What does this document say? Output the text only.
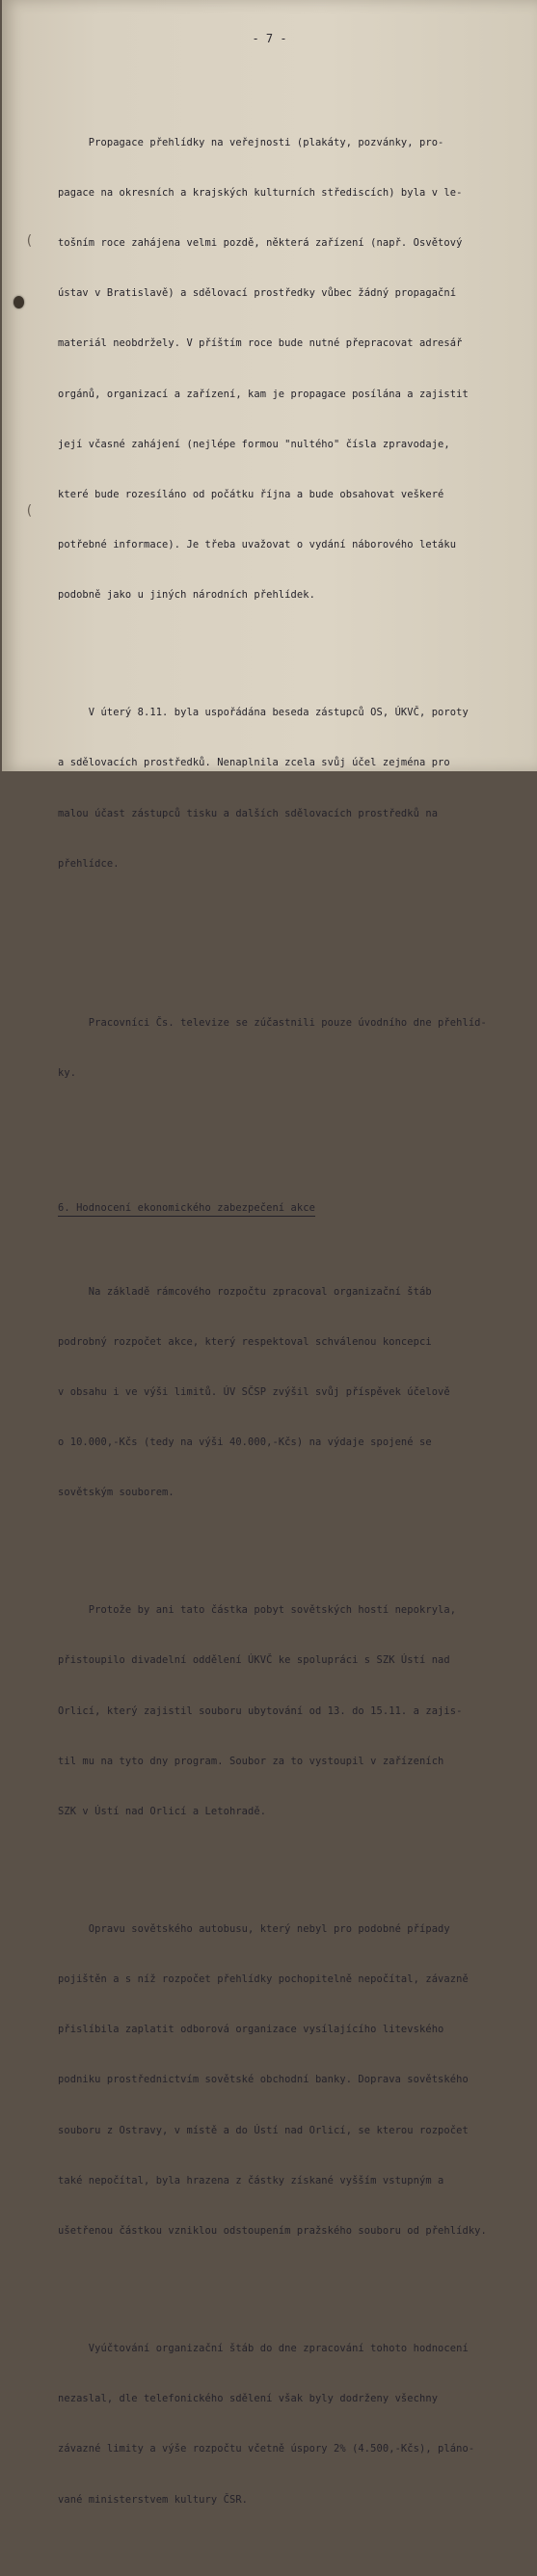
(
(
- 7 -

Propagace přehlídky na veřejnosti (plakáty, pozvánky, pro-

pagace na okresních a krajských kulturních střediscích) byla v le-

tošním roce zahájena velmi pozdě, některá zařízení (např. Osvětový

ústav v Bratislavě) a sdělovací prostředky vůbec žádný propagační

materiál neobdržely. V příštím roce bude nutné přepracovat adresář

orgánů, organizací a zařízení, kam je propagace posílána a zajistit

její včasné zahájení (nejlépe formou "nultého" čísla zpravodaje,

které bude rozesíláno od počátku října a bude obsahovat veškeré

potřebné informace). Je třeba uvažovat o vydání náborového letáku

podobně jako u jiných národních přehlídek.

V úterý 8.11. byla uspořádána beseda zástupců OS, ÚKVČ, poroty

a sdělovacích prostředků. Nenaplnila zcela svůj účel zejména pro

malou účast zástupců tisku a dalších sdělovacích prostředků na

přehlídce.

Pracovníci Čs. televize se zúčastnili pouze úvodního dne přehlíd-

ky.

6. Hodnocení ekonomického zabezpečení akce

Na základě rámcového rozpočtu zpracoval organizační štáb

podrobný rozpočet akce, který respektoval schválenou koncepci

v obsahu i ve výši limitů. ÚV SČSP zvýšil svůj příspěvek účelově

o 10.000,-Kčs (tedy na výši 40.000,-Kčs) na výdaje spojené se

sovětským souborem.

Protože by ani tato částka pobyt sovětských hostí nepokryla,

přistoupilo divadelní oddělení ÚKVČ ke spolupráci s SZK Ústí nad

Orlicí, který zajistil souboru ubytování od 13. do 15.11. a zajis-

til mu na tyto dny program. Soubor za to vystoupil v zařízeních

SZK v Ústí nad Orlicí a Letohradě.

Opravu sovětského autobusu, který nebyl pro podobné případy

pojištěn a s níž rozpočet přehlídky pochopitelně nepočítal, závazně

přislíbila zaplatit odborová organizace vysílajícího litevského

podniku prostřednictvím sovětské obchodní banky. Doprava sovětského

souboru z Ostravy, v místě a do Ústí nad Orlicí, se kterou rozpočet

také nepočítal, byla hrazena z částky získané vyšším vstupným a

ušetřenou částkou vzniklou odstoupením pražského souboru od přehlídky.

Vyúčtování organizační štáb do dne zpracování tohoto hodnocení

nezaslal, dle telefonického sdělení však byly dodrženy všechny

závazné limity a výše rozpočtu včetně úspory 2% (4.500,-Kčs), pláno-

vané ministerstvem kultury ČSR.
